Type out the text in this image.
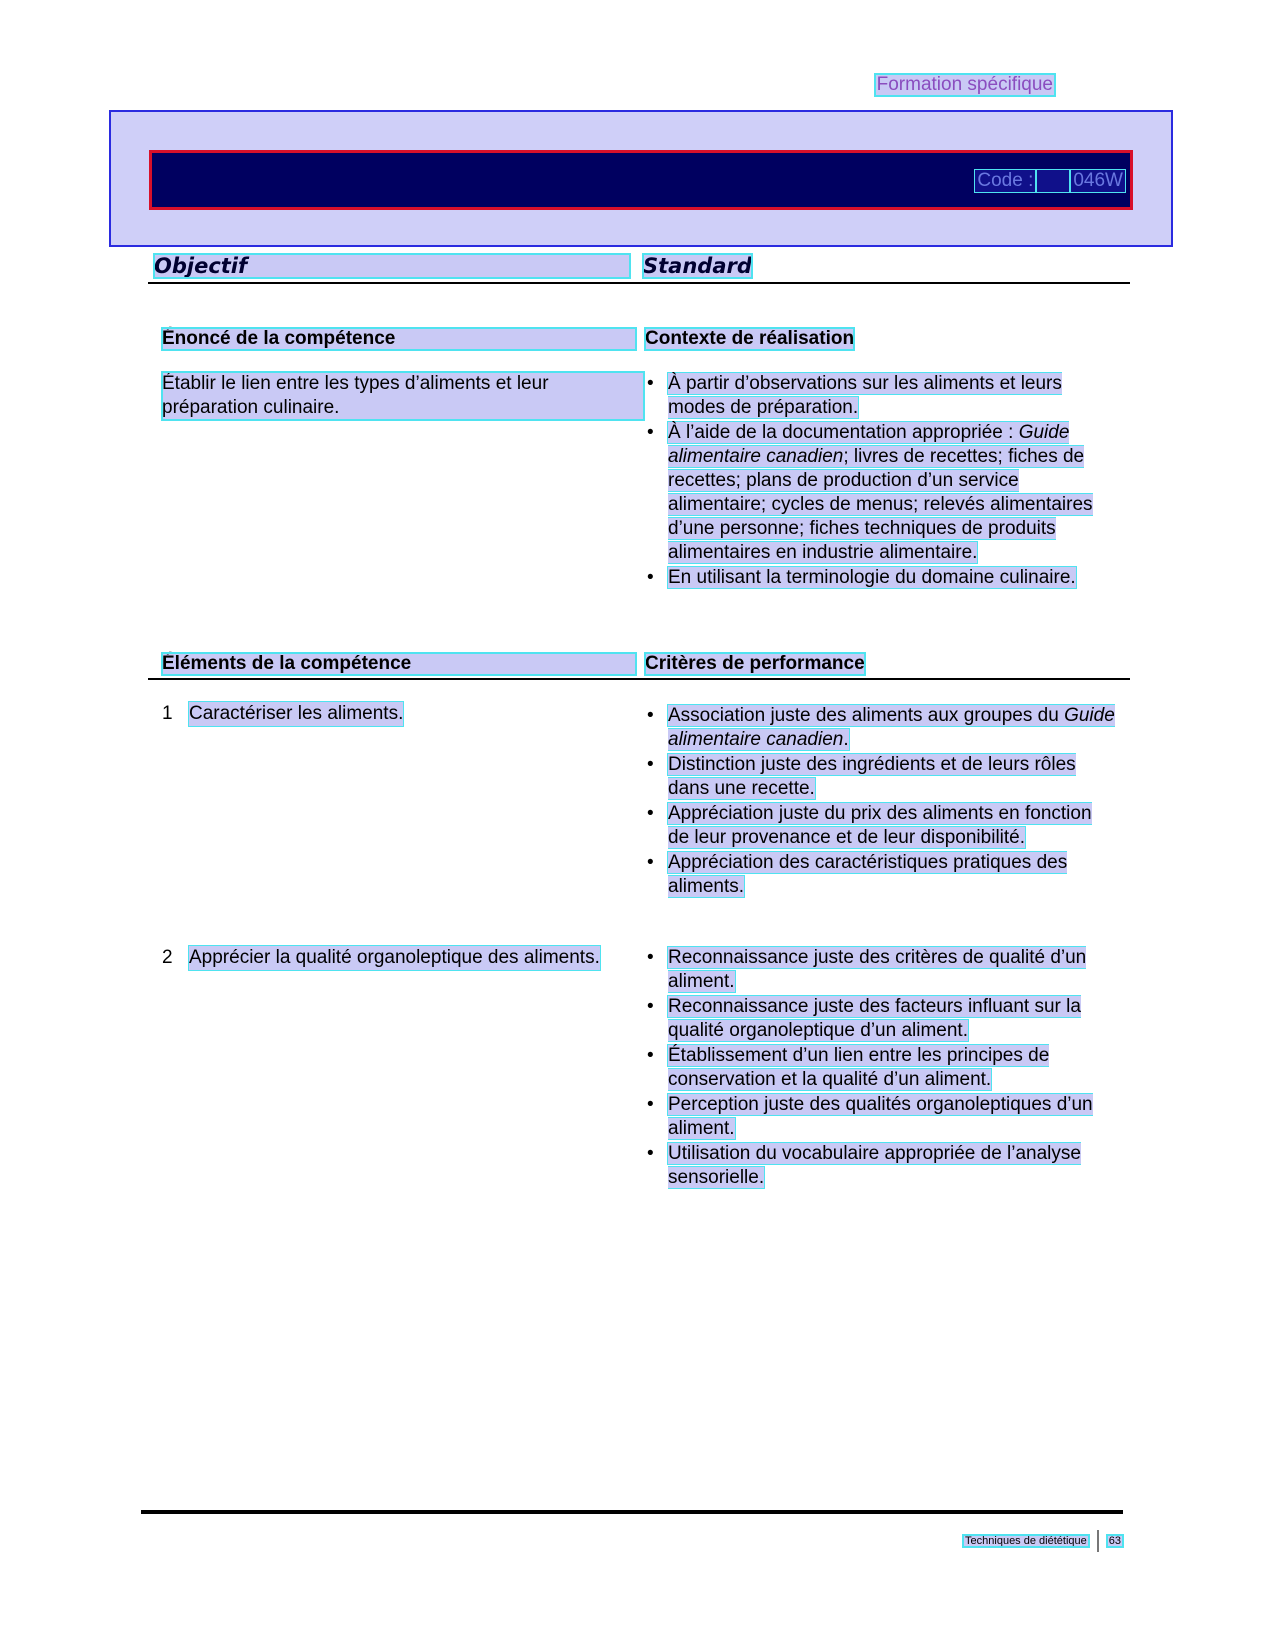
Formation spécifique
Code : 046W
Objectif	Standard
Énoncé de la compétence	Contexte de réalisation
Établir le lien entre les types d’aliments et leur préparation culinaire.
• À partir d’observations sur les aliments et leurs modes de préparation.
• À l’aide de la documentation appropriée : Guide alimentaire canadien; livres de recettes; fiches de recettes; plans de production d’un service alimentaire; cycles de menus; relevés alimentaires d’une personne; fiches techniques de produits alimentaires en industrie alimentaire.
• En utilisant la terminologie du domaine culinaire.
Éléments de la compétence	Critères de performance
1 Caractériser les aliments.	• Association juste des aliments aux groupes du Guide alimentaire canadien.
• Distinction juste des ingrédients et de leurs rôles dans une recette.
• Appréciation juste du prix des aliments en fonction de leur provenance et de leur disponibilité.
• Appréciation des caractéristiques pratiques des aliments.
2 Apprécier la qualité organoleptique des aliments.	• Reconnaissance juste des critères de qualité d’un aliment.
• Reconnaissance juste des facteurs influant sur la qualité organoleptique d’un aliment.
• Établissement d’un lien entre les principes de conservation et la qualité d’un aliment.
• Perception juste des qualités organoleptiques d’un aliment.
• Utilisation du vocabulaire appropriée de l’analyse sensorielle.
Techniques de diététique 63
